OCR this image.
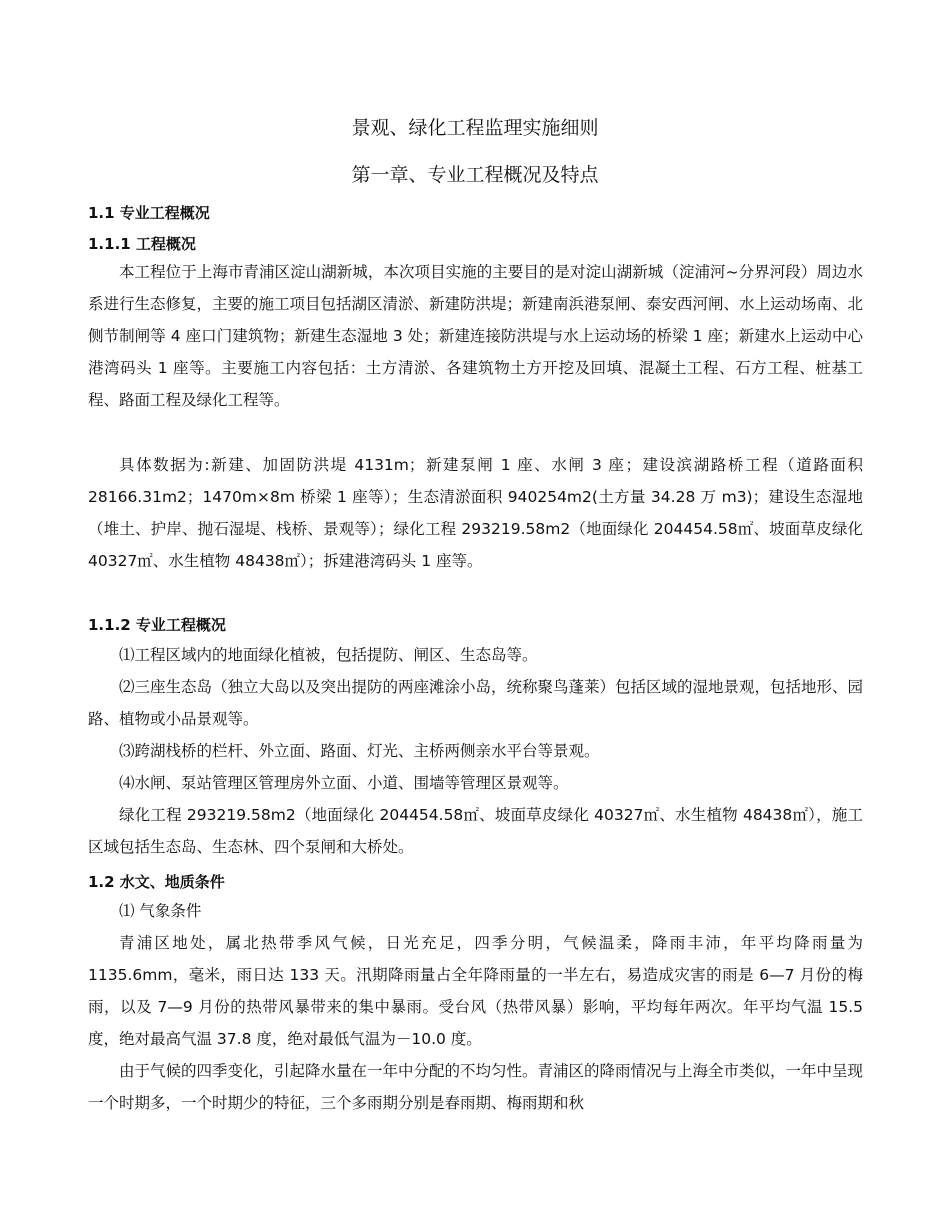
景观、绿化工程监理实施细则
第一章、专业工程概况及特点
1.1 专业工程概况
1.1.1 工程概况
本工程位于上海市青浦区淀山湖新城，本次项目实施的主要目的是对淀山湖新城（淀浦河~分界河段）周边水系进行生态修复，主要的施工项目包括湖区清淤、新建防洪堤；新建南浜港泵闸、泰安西河闸、水上运动场南、北侧节制闸等 4 座口门建筑物；新建生态湿地 3 处；新建连接防洪堤与水上运动场的桥梁 1 座；新建水上运动中心港湾码头 1 座等。主要施工内容包括：土方清淤、各建筑物土方开挖及回填、混凝土工程、石方工程、桩基工程、路面工程及绿化工程等。
具体数据为:新建、加固防洪堤 4131m；新建泵闸 1 座、水闸 3 座；建设滨湖路桥工程（道路面积 28166.31m2；1470m×8m 桥梁 1 座等）；生态清淤面积 940254m2(土方量 34.28 万 m3)；建设生态湿地（堆土、护岸、抛石湿堤、栈桥、景观等）；绿化工程 293219.58m2（地面绿化 204454.58㎡、坡面草皮绿化 40327㎡、水生植物 48438㎡）；拆建港湾码头 1 座等。
1.1.2 专业工程概况
⑴工程区域内的地面绿化植被，包括提防、闸区、生态岛等。
⑵三座生态岛（独立大岛以及突出提防的两座滩涂小岛，统称聚鸟蓬莱）包括区域的湿地景观，包括地形、园路、植物或小品景观等。
⑶跨湖栈桥的栏杆、外立面、路面、灯光、主桥两侧亲水平台等景观。
⑷水闸、泵站管理区管理房外立面、小道、围墙等管理区景观等。
绿化工程 293219.58m2（地面绿化 204454.58㎡、坡面草皮绿化 40327㎡、水生植物 48438㎡），施工区域包括生态岛、生态林、四个泵闸和大桥处。
1.2 水文、地质条件
⑴ 气象条件
青浦区地处，属北热带季风气候，日光充足，四季分明，气候温柔，降雨丰沛，年平均降雨量为 1135.6mm，毫米，雨日达 133 天。汛期降雨量占全年降雨量的一半左右，易造成灾害的雨是 6—7 月份的梅雨，以及 7—9 月份的热带风暴带来的集中暴雨。受台风（热带风暴）影响，平均每年两次。年平均气温 15.5 度，绝对最高气温 37.8 度，绝对最低气温为－10.0 度。
由于气候的四季变化，引起降水量在一年中分配的不均匀性。青浦区的降雨情况与上海全市类似，一年中呈现一个时期多，一个时期少的特征，三个多雨期分别是春雨期、梅雨期和秋
